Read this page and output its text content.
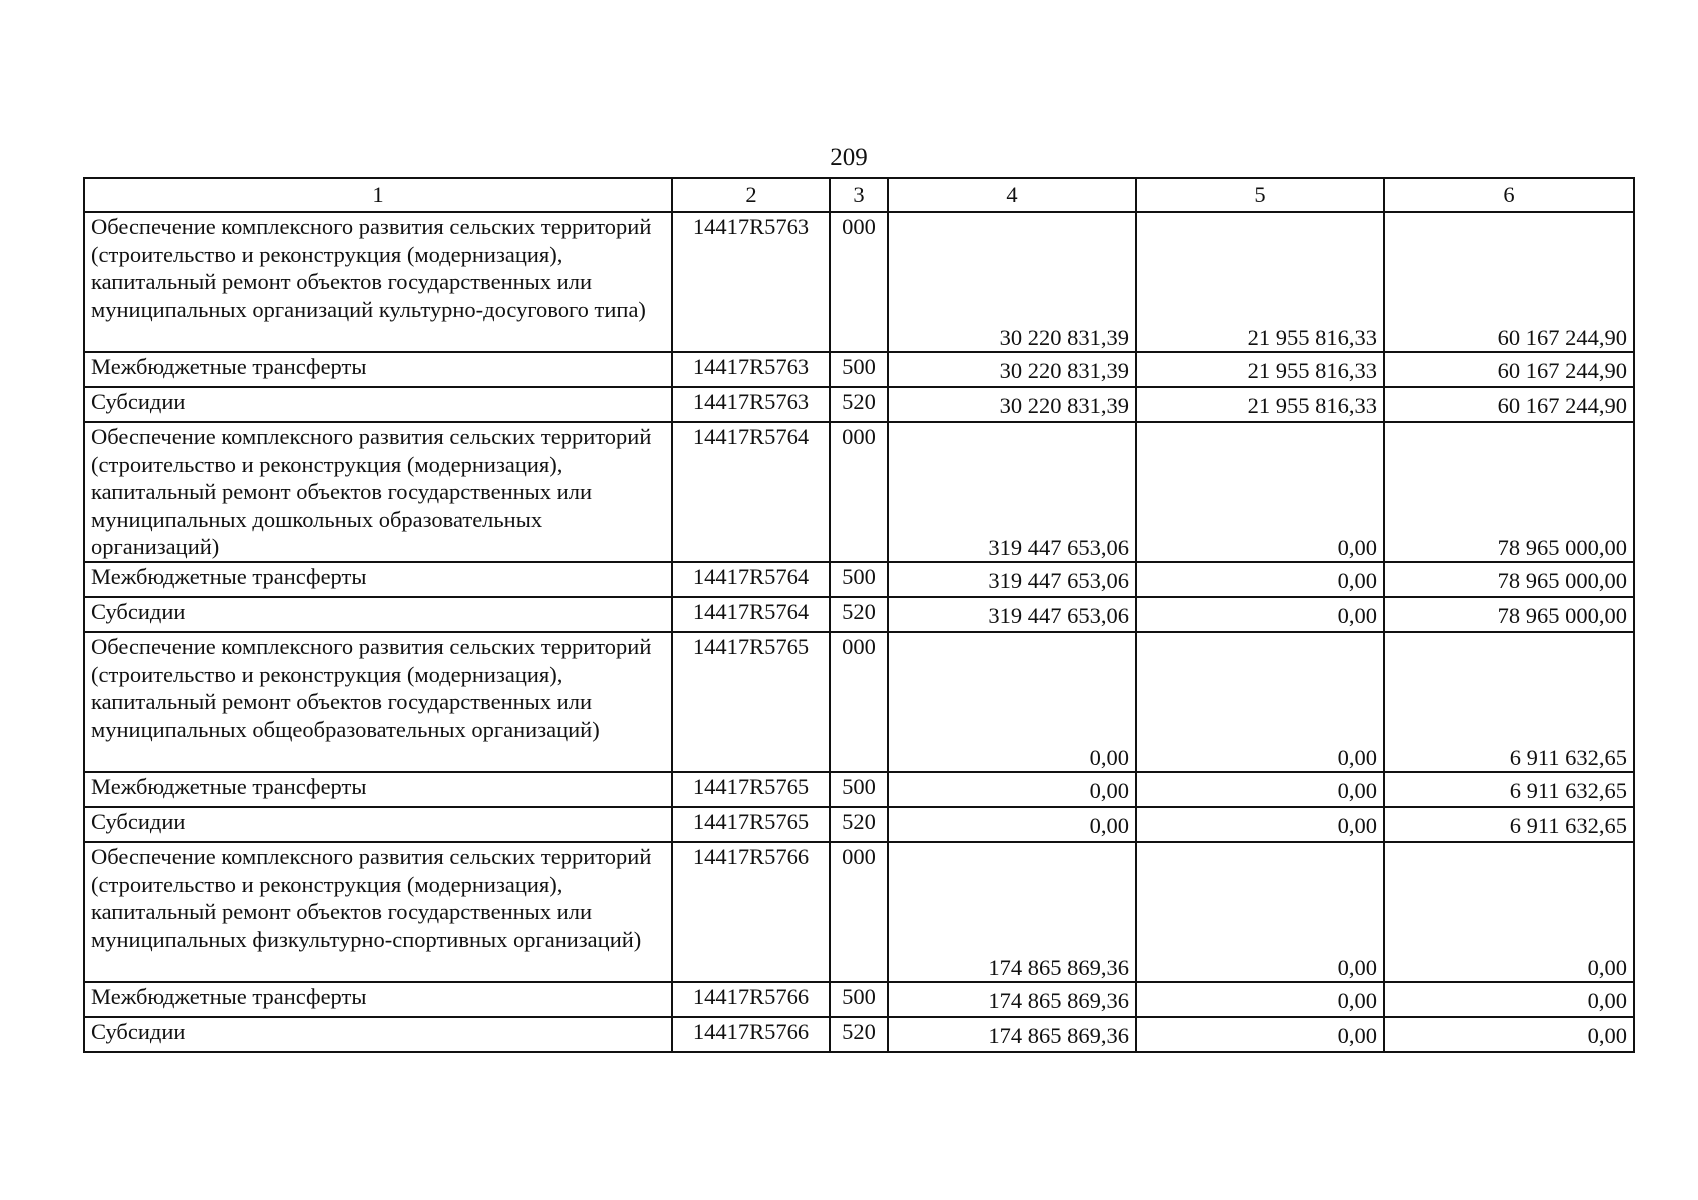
209
1	2	3	4	5	6
Обеспечение комплексного развития сельских территорий (строительство и реконструкция (модернизация), капитальный ремонт объектов государственных или муниципальных организаций культурно-досугового типа)	14417R5763	000	30 220 831,39	21 955 816,33	60 167 244,90
Межбюджетные трансферты	14417R5763	500	30 220 831,39	21 955 816,33	60 167 244,90
Субсидии	14417R5763	520	30 220 831,39	21 955 816,33	60 167 244,90
Обеспечение комплексного развития сельских территорий (строительство и реконструкция (модернизация), капитальный ремонт объектов государственных или муниципальных дошкольных образовательных организаций)	14417R5764	000	319 447 653,06	0,00	78 965 000,00
Межбюджетные трансферты	14417R5764	500	319 447 653,06	0,00	78 965 000,00
Субсидии	14417R5764	520	319 447 653,06	0,00	78 965 000,00
Обеспечение комплексного развития сельских территорий (строительство и реконструкция (модернизация), капитальный ремонт объектов государственных или муниципальных общеобразовательных организаций)	14417R5765	000	0,00	0,00	6 911 632,65
Межбюджетные трансферты	14417R5765	500	0,00	0,00	6 911 632,65
Субсидии	14417R5765	520	0,00	0,00	6 911 632,65
Обеспечение комплексного развития сельских территорий (строительство и реконструкция (модернизация), капитальный ремонт объектов государственных или муниципальных физкультурно-спортивных организаций)	14417R5766	000	174 865 869,36	0,00	0,00
Межбюджетные трансферты	14417R5766	500	174 865 869,36	0,00	0,00
Субсидии	14417R5766	520	174 865 869,36	0,00	0,00
